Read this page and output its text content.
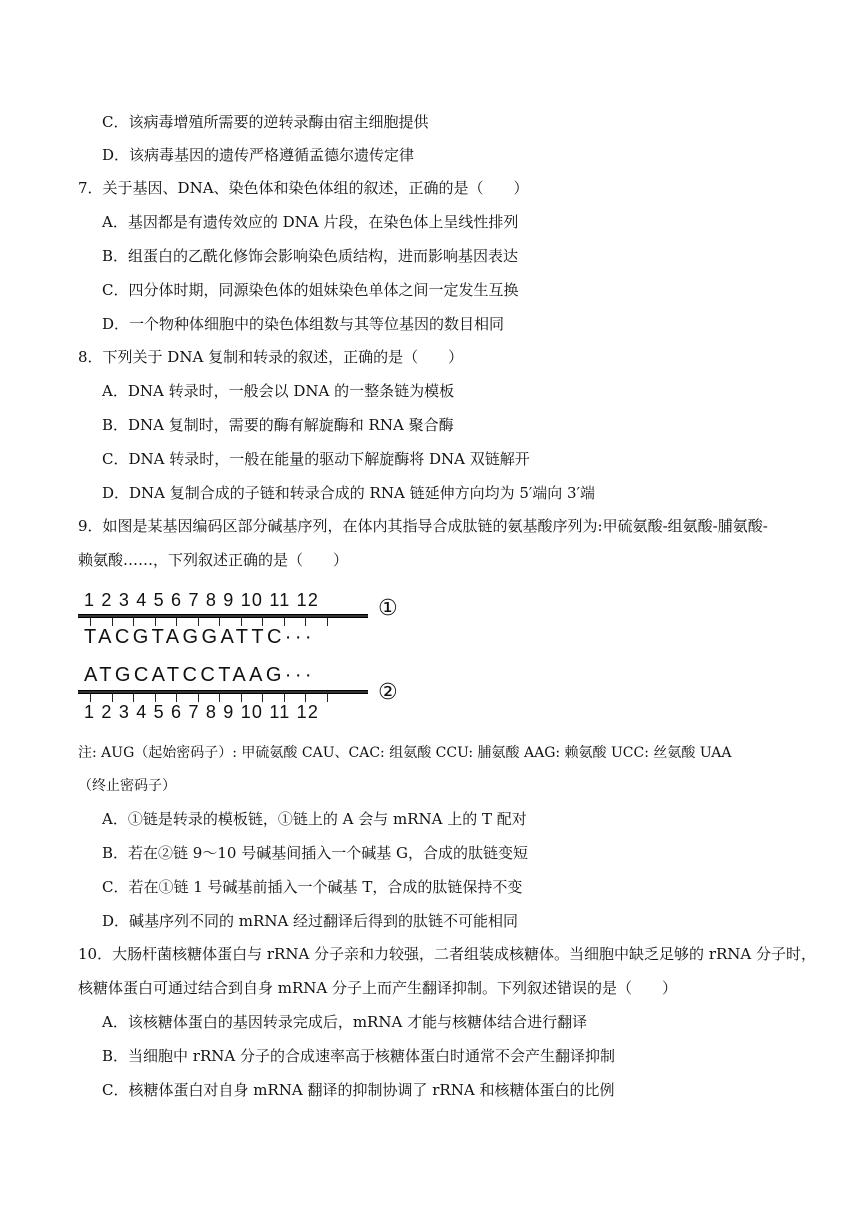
C．该病毒增殖所需要的逆转录酶由宿主细胞提供
D．该病毒基因的遗传严格遵循孟德尔遗传定律
7．关于基因、DNA、染色体和染色体组的叙述，正确的是（　　）
A．基因都是有遗传效应的 DNA 片段，在染色体上呈线性排列
B．组蛋白的乙酰化修饰会影响染色质结构，进而影响基因表达
C．四分体时期，同源染色体的姐妹染色单体之间一定发生互换
D．一个物种体细胞中的染色体组数与其等位基因的数目相同
8．下列关于 DNA 复制和转录的叙述，正确的是（　　）
A．DNA 转录时，一般会以 DNA 的一整条链为模板
B．DNA 复制时，需要的酶有解旋酶和 RNA 聚合酶
C．DNA 转录时，一般在能量的驱动下解旋酶将 DNA 双链解开
D．DNA 复制合成的子链和转录合成的 RNA 链延伸方向均为 5′端向 3′端
9．如图是某基因编码区部分碱基序列，在体内其指导合成肽链的氨基酸序列为:甲硫氨酸-组氨酸-脯氨酸-
赖氨酸……，下列叙述正确的是（　　）
1 2 3 4 5 6 7 8 9 10 11 12	①
TACGTAGGATTC···
ATGCATCCTAAG···
②
1 2 3 4 5 6 7 8 9 10 11 12
注: AUG（起始密码子）: 甲硫氨酸 CAU、CAC: 组氨酸 CCU: 脯氨酸 AAG: 赖氨酸 UCC: 丝氨酸 UAA
（终止密码子）
A．①链是转录的模板链，①链上的 A 会与 mRNA 上的 T 配对
B．若在②链 9～10 号碱基间插入一个碱基 G，合成的肽链变短
C．若在①链 1 号碱基前插入一个碱基 T，合成的肽链保持不变
D．碱基序列不同的 mRNA 经过翻译后得到的肽链不可能相同
10．大肠杆菌核糖体蛋白与 rRNA 分子亲和力较强，二者组装成核糖体。当细胞中缺乏足够的 rRNA 分子时，
核糖体蛋白可通过结合到自身 mRNA 分子上而产生翻译抑制。下列叙述错误的是（　　）
A．该核糖体蛋白的基因转录完成后，mRNA 才能与核糖体结合进行翻译
B．当细胞中 rRNA 分子的合成速率高于核糖体蛋白时通常不会产生翻译抑制
C．核糖体蛋白对自身 mRNA 翻译的抑制协调了 rRNA 和核糖体蛋白的比例
